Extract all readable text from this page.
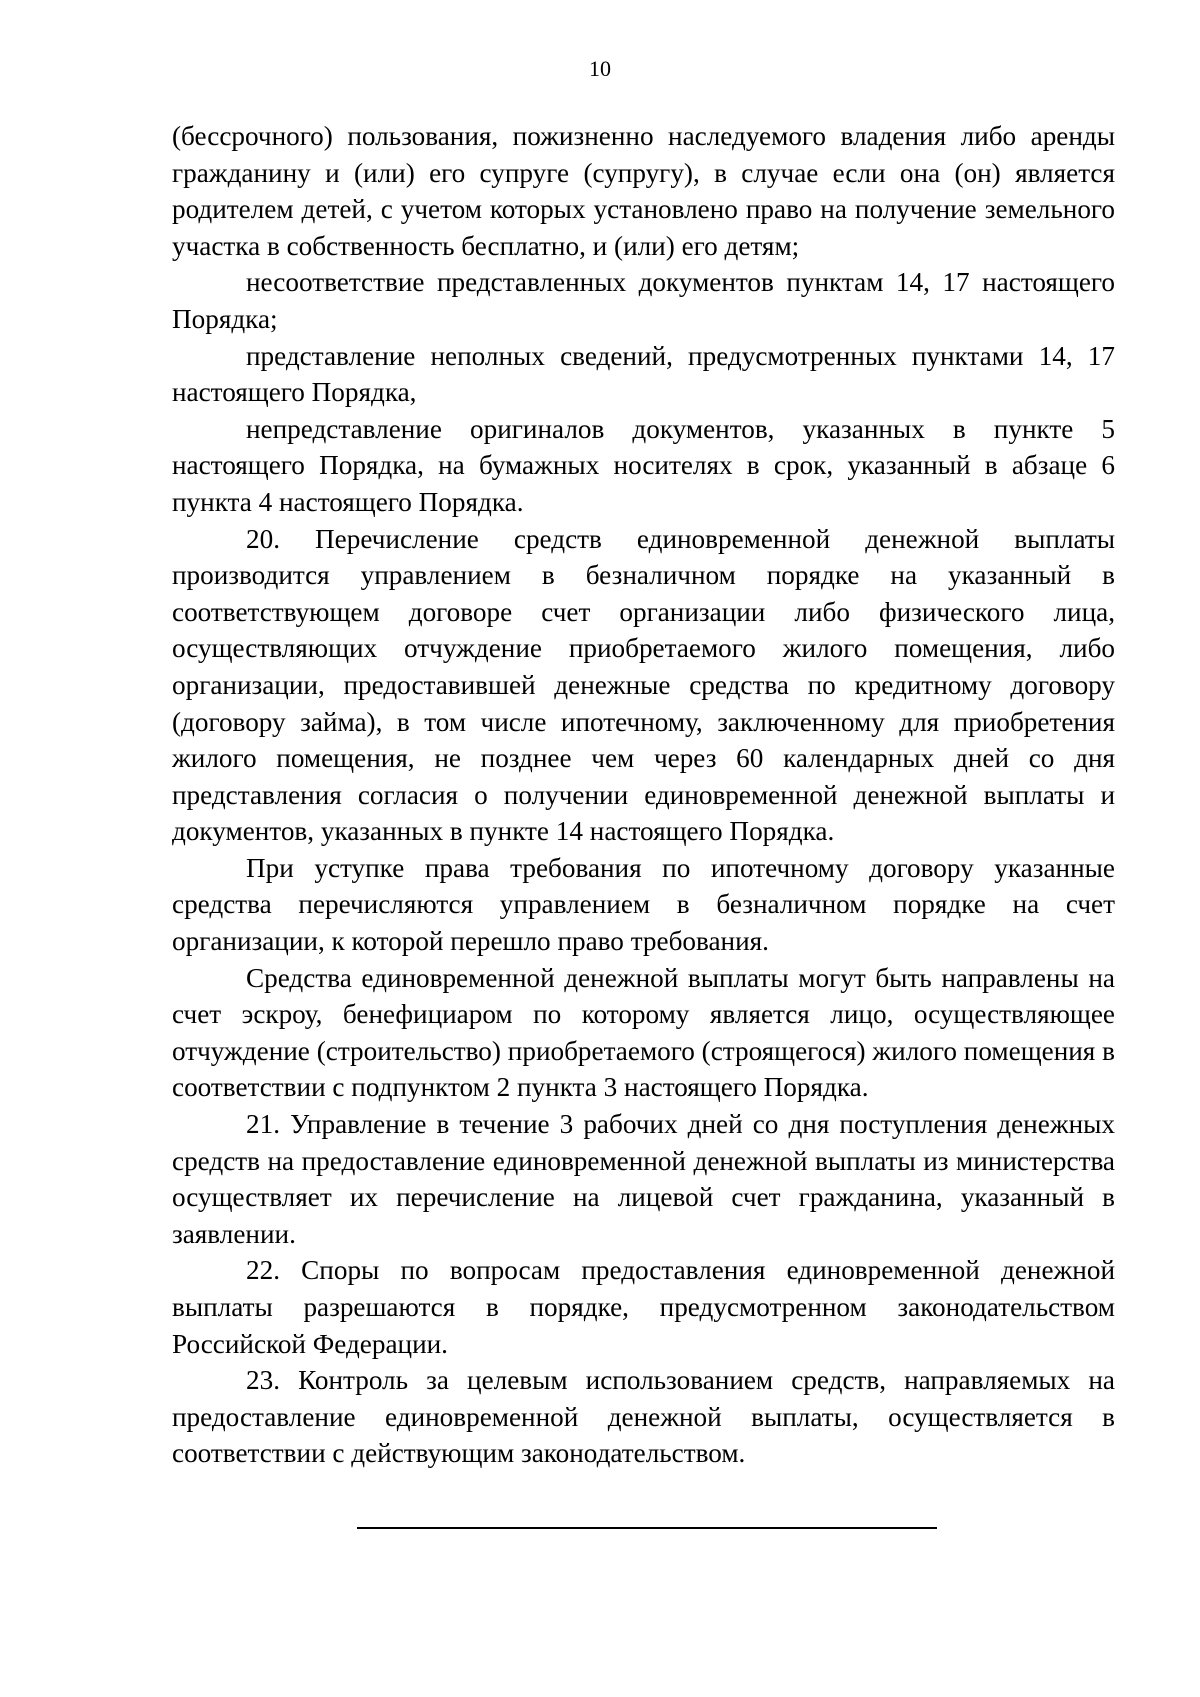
10

(бессрочного) пользования, пожизненно наследуемого владения либо аренды гражданину и (или) его супруге (супругу), в случае если она (он) является родителем детей, с учетом которых установлено право на получение земельного участка в собственность бесплатно, и (или) его детям;

несоответствие представленных документов пунктам 14, 17 настоящего Порядка;

представление неполных сведений, предусмотренных пунктами 14, 17 настоящего Порядка,

непредставление оригиналов документов, указанных в пункте 5 настоящего Порядка, на бумажных носителях в срок, указанный в абзаце 6 пункта 4 настоящего Порядка.

20. Перечисление средств единовременной денежной выплаты производится управлением в безналичном порядке на указанный в соответствующем договоре счет организации либо физического лица, осуществляющих отчуждение приобретаемого жилого помещения, либо организации, предоставившей денежные средства по кредитному договору (договору займа), в том числе ипотечному, заключенному для приобретения жилого помещения, не позднее чем через 60 календарных дней со дня представления согласия о получении единовременной денежной выплаты и документов, указанных в пункте 14 настоящего Порядка.

При уступке права требования по ипотечному договору указанные средства перечисляются управлением в безналичном порядке на счет организации, к которой перешло право требования.

Средства единовременной денежной выплаты могут быть направлены на счет эскроу, бенефициаром по которому является лицо, осуществляющее отчуждение (строительство) приобретаемого (строящегося) жилого помещения в соответствии с подпунктом 2 пункта 3 настоящего Порядка.

21. Управление в течение 3 рабочих дней со дня поступления денежных средств на предоставление единовременной денежной выплаты из министерства осуществляет их перечисление на лицевой счет гражданина, указанный в заявлении.

22. Споры по вопросам предоставления единовременной денежной выплаты разрешаются в порядке, предусмотренном законодательством Российской Федерации.

23. Контроль за целевым использованием средств, направляемых на предоставление единовременной денежной выплаты, осуществляется в соответствии с действующим законодательством.
